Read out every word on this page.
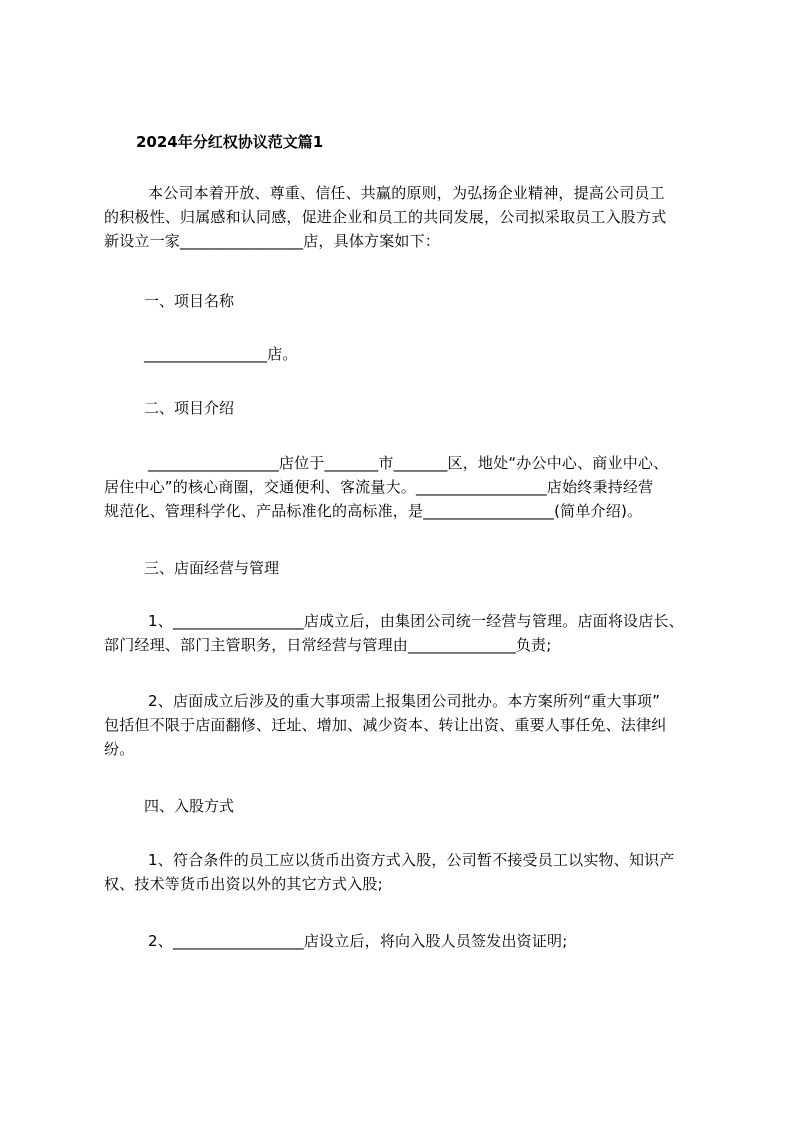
2024年分红权协议范文篇1
本公司本着开放、尊重、信任、共赢的原则，为弘扬企业精神，提高公司员工
的积极性、归属感和认同感，促进企业和员工的共同发展，公司拟采取员工入股方式
新设立一家________________店，具体方案如下：
一、项目名称
________________店。
二、项目介绍
_________________店位于_______市_______区，地处“办公中心、商业中心、
居住中心”的核心商圈，交通便利、客流量大。_________________店始终秉持经营
规范化、管理科学化、产品标准化的高标准，是_________________(简单介绍)。
三、店面经营与管理
1、_________________店成立后，由集团公司统一经营与管理。店面将设店长、
部门经理、部门主管职务，日常经营与管理由______________负责;
2、店面成立后涉及的重大事项需上报集团公司批办。本方案所列“重大事项”
包括但不限于店面翻修、迁址、增加、减少资本、转让出资、重要人事任免、法律纠
纷。
四、入股方式
1、符合条件的员工应以货币出资方式入股，公司暂不接受员工以实物、知识产
权、技术等货币出资以外的其它方式入股;
2、_________________店设立后，将向入股人员签发出资证明;
